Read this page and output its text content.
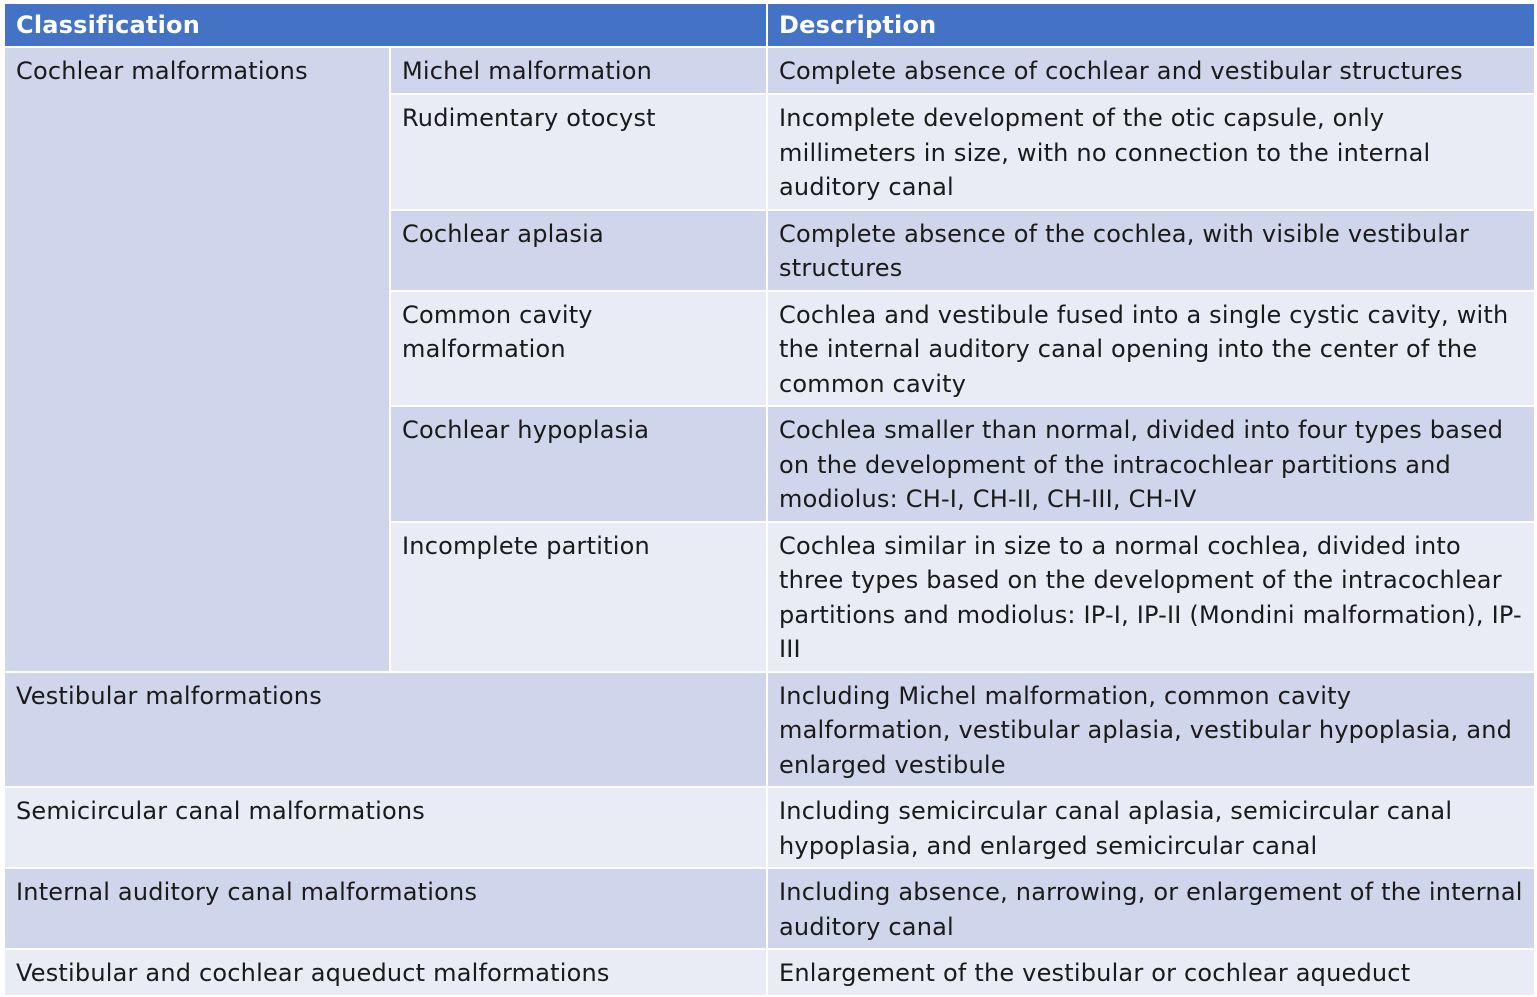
Classification		Description
Cochlear malformations	Michel malformation	Complete absence of cochlear and vestibular structures
	Rudimentary otocyst	Incomplete development of the otic capsule, only millimeters in size, with no connection to the internal auditory canal
	Cochlear aplasia	Complete absence of the cochlea, with visible vestibular structures
	Common cavity malformation	Cochlea and vestibule fused into a single cystic cavity, with the internal auditory canal opening into the center of the common cavity
	Cochlear hypoplasia	Cochlea smaller than normal, divided into four types based on the development of the intracochlear partitions and modiolus: CH-I, CH-II, CH-III, CH-IV
	Incomplete partition	Cochlea similar in size to a normal cochlea, divided into three types based on the development of the intracochlear partitions and modiolus: IP-I, IP-II (Mondini malformation), IP-III
Vestibular malformations		Including Michel malformation, common cavity malformation, vestibular aplasia, vestibular hypoplasia, and enlarged vestibule
Semicircular canal malformations		Including semicircular canal aplasia, semicircular canal hypoplasia, and enlarged semicircular canal
Internal auditory canal malformations		Including absence, narrowing, or enlargement of the internal auditory canal
Vestibular and cochlear aqueduct malformations		Enlargement of the vestibular or cochlear aqueduct
